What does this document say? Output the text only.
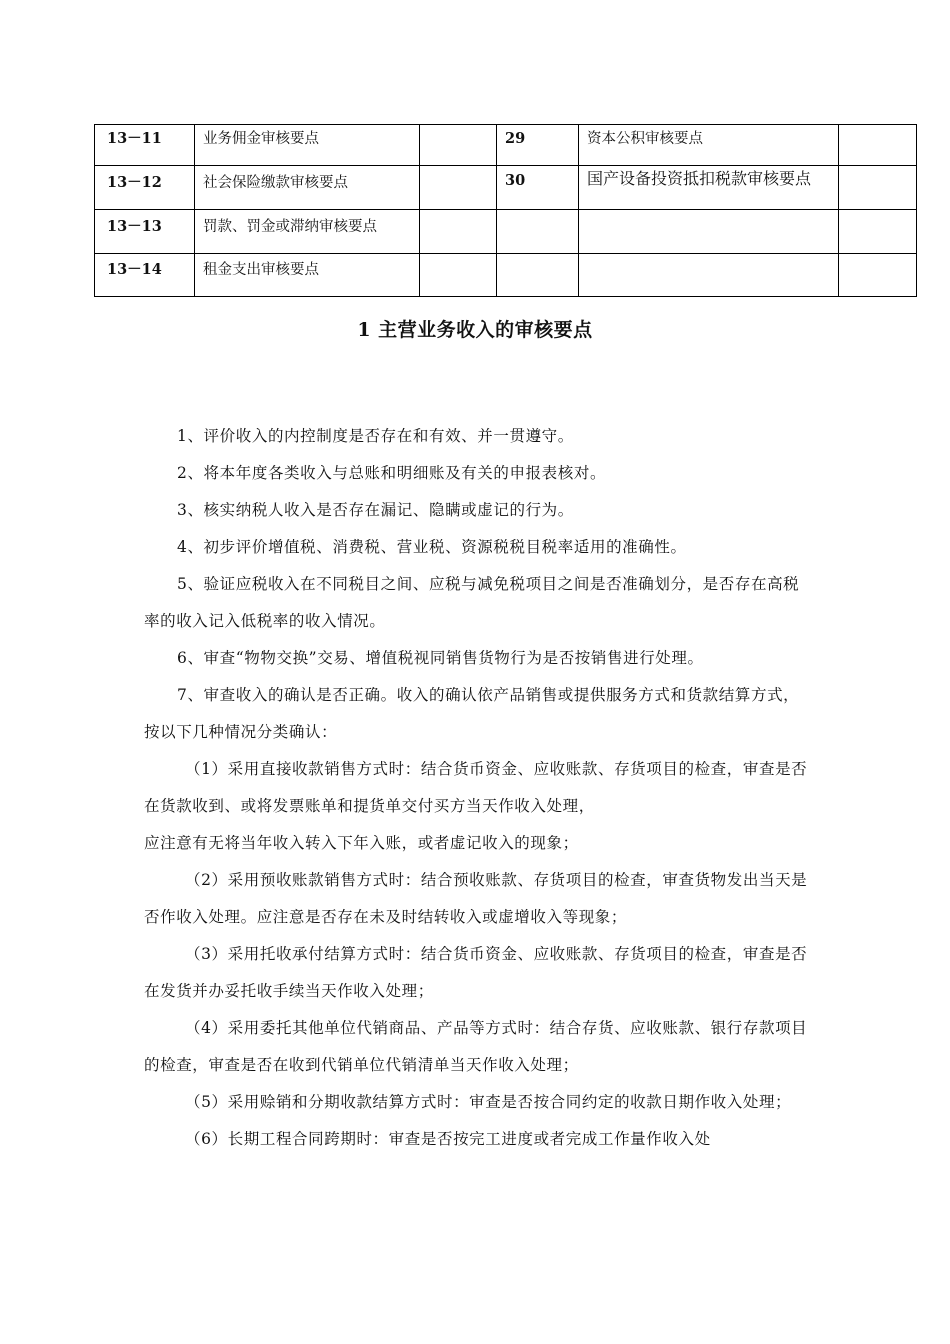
13－11	业务佣金审核要点		29	资本公积审核要点	
13－12	社会保险缴款审核要点		30	国产设备投资抵扣税款审核要点	
13－13	罚款、罚金或滞纳审核要点				
13－14	租金支出审核要点				
1 主营业务收入的审核要点

1、评价收入的内控制度是否存在和有效、并一贯遵守。

2、将本年度各类收入与总账和明细账及有关的申报表核对。

3、核实纳税人收入是否存在漏记、隐瞒或虚记的行为。

4、初步评价增值税、消费税、营业税、资源税税目税率适用的准确性。

5、验证应税收入在不同税目之间、应税与减免税项目之间是否准确划分，是否存在高税率的收入记入低税率的收入情况。

6、审查“物物交换”交易、增值税视同销售货物行为是否按销售进行处理。

7、审查收入的确认是否正确。收入的确认依产品销售或提供服务方式和货款结算方式，按以下几种情况分类确认：

（1）采用直接收款销售方式时：结合货币资金、应收账款、存货项目的检查，审查是否在货款收到、或将发票账单和提货单交付买方当天作收入处理，

应注意有无将当年收入转入下年入账，或者虚记收入的现象；

（2）采用预收账款销售方式时：结合预收账款、存货项目的检查，审查货物发出当天是否作收入处理。应注意是否存在未及时结转收入或虚增收入等现象；

（3）采用托收承付结算方式时：结合货币资金、应收账款、存货项目的检查，审查是否在发货并办妥托收手续当天作收入处理；

（4）采用委托其他单位代销商品、产品等方式时：结合存货、应收账款、银行存款项目的检查，审查是否在收到代销单位代销清单当天作收入处理；

（5）采用赊销和分期收款结算方式时：审查是否按合同约定的收款日期作收入处理；

（6）长期工程合同跨期时：审查是否按完工进度或者完成工作量作收入处
